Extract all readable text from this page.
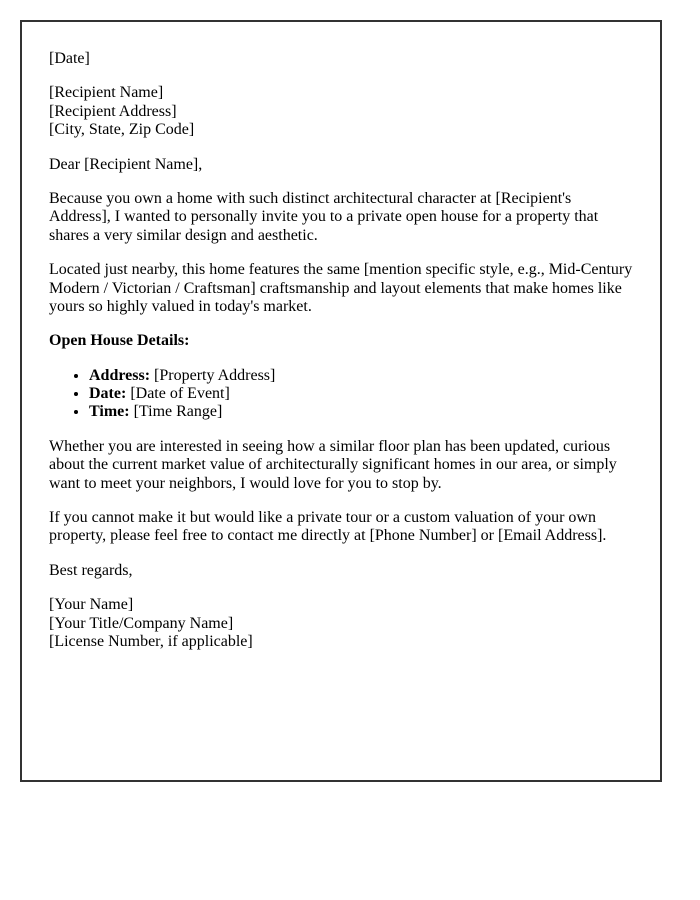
[Date]

[Recipient Name]
[Recipient Address]
[City, State, Zip Code]

Dear [Recipient Name],

Because you own a home with such distinct architectural character at [Recipient's Address], I wanted to personally invite you to a private open house for a property that shares a very similar design and aesthetic.

Located just nearby, this home features the same [mention specific style, e.g., Mid-Century Modern / Victorian / Craftsman] craftsmanship and layout elements that make homes like yours so highly valued in today's market.

Open House Details:

• Address: [Property Address]
• Date: [Date of Event]
• Time: [Time Range]

Whether you are interested in seeing how a similar floor plan has been updated, curious about the current market value of architecturally significant homes in our area, or simply want to meet your neighbors, I would love for you to stop by.

If you cannot make it but would like a private tour or a custom valuation of your own property, please feel free to contact me directly at [Phone Number] or [Email Address].

Best regards,

[Your Name]
[Your Title/Company Name]
[License Number, if applicable]
